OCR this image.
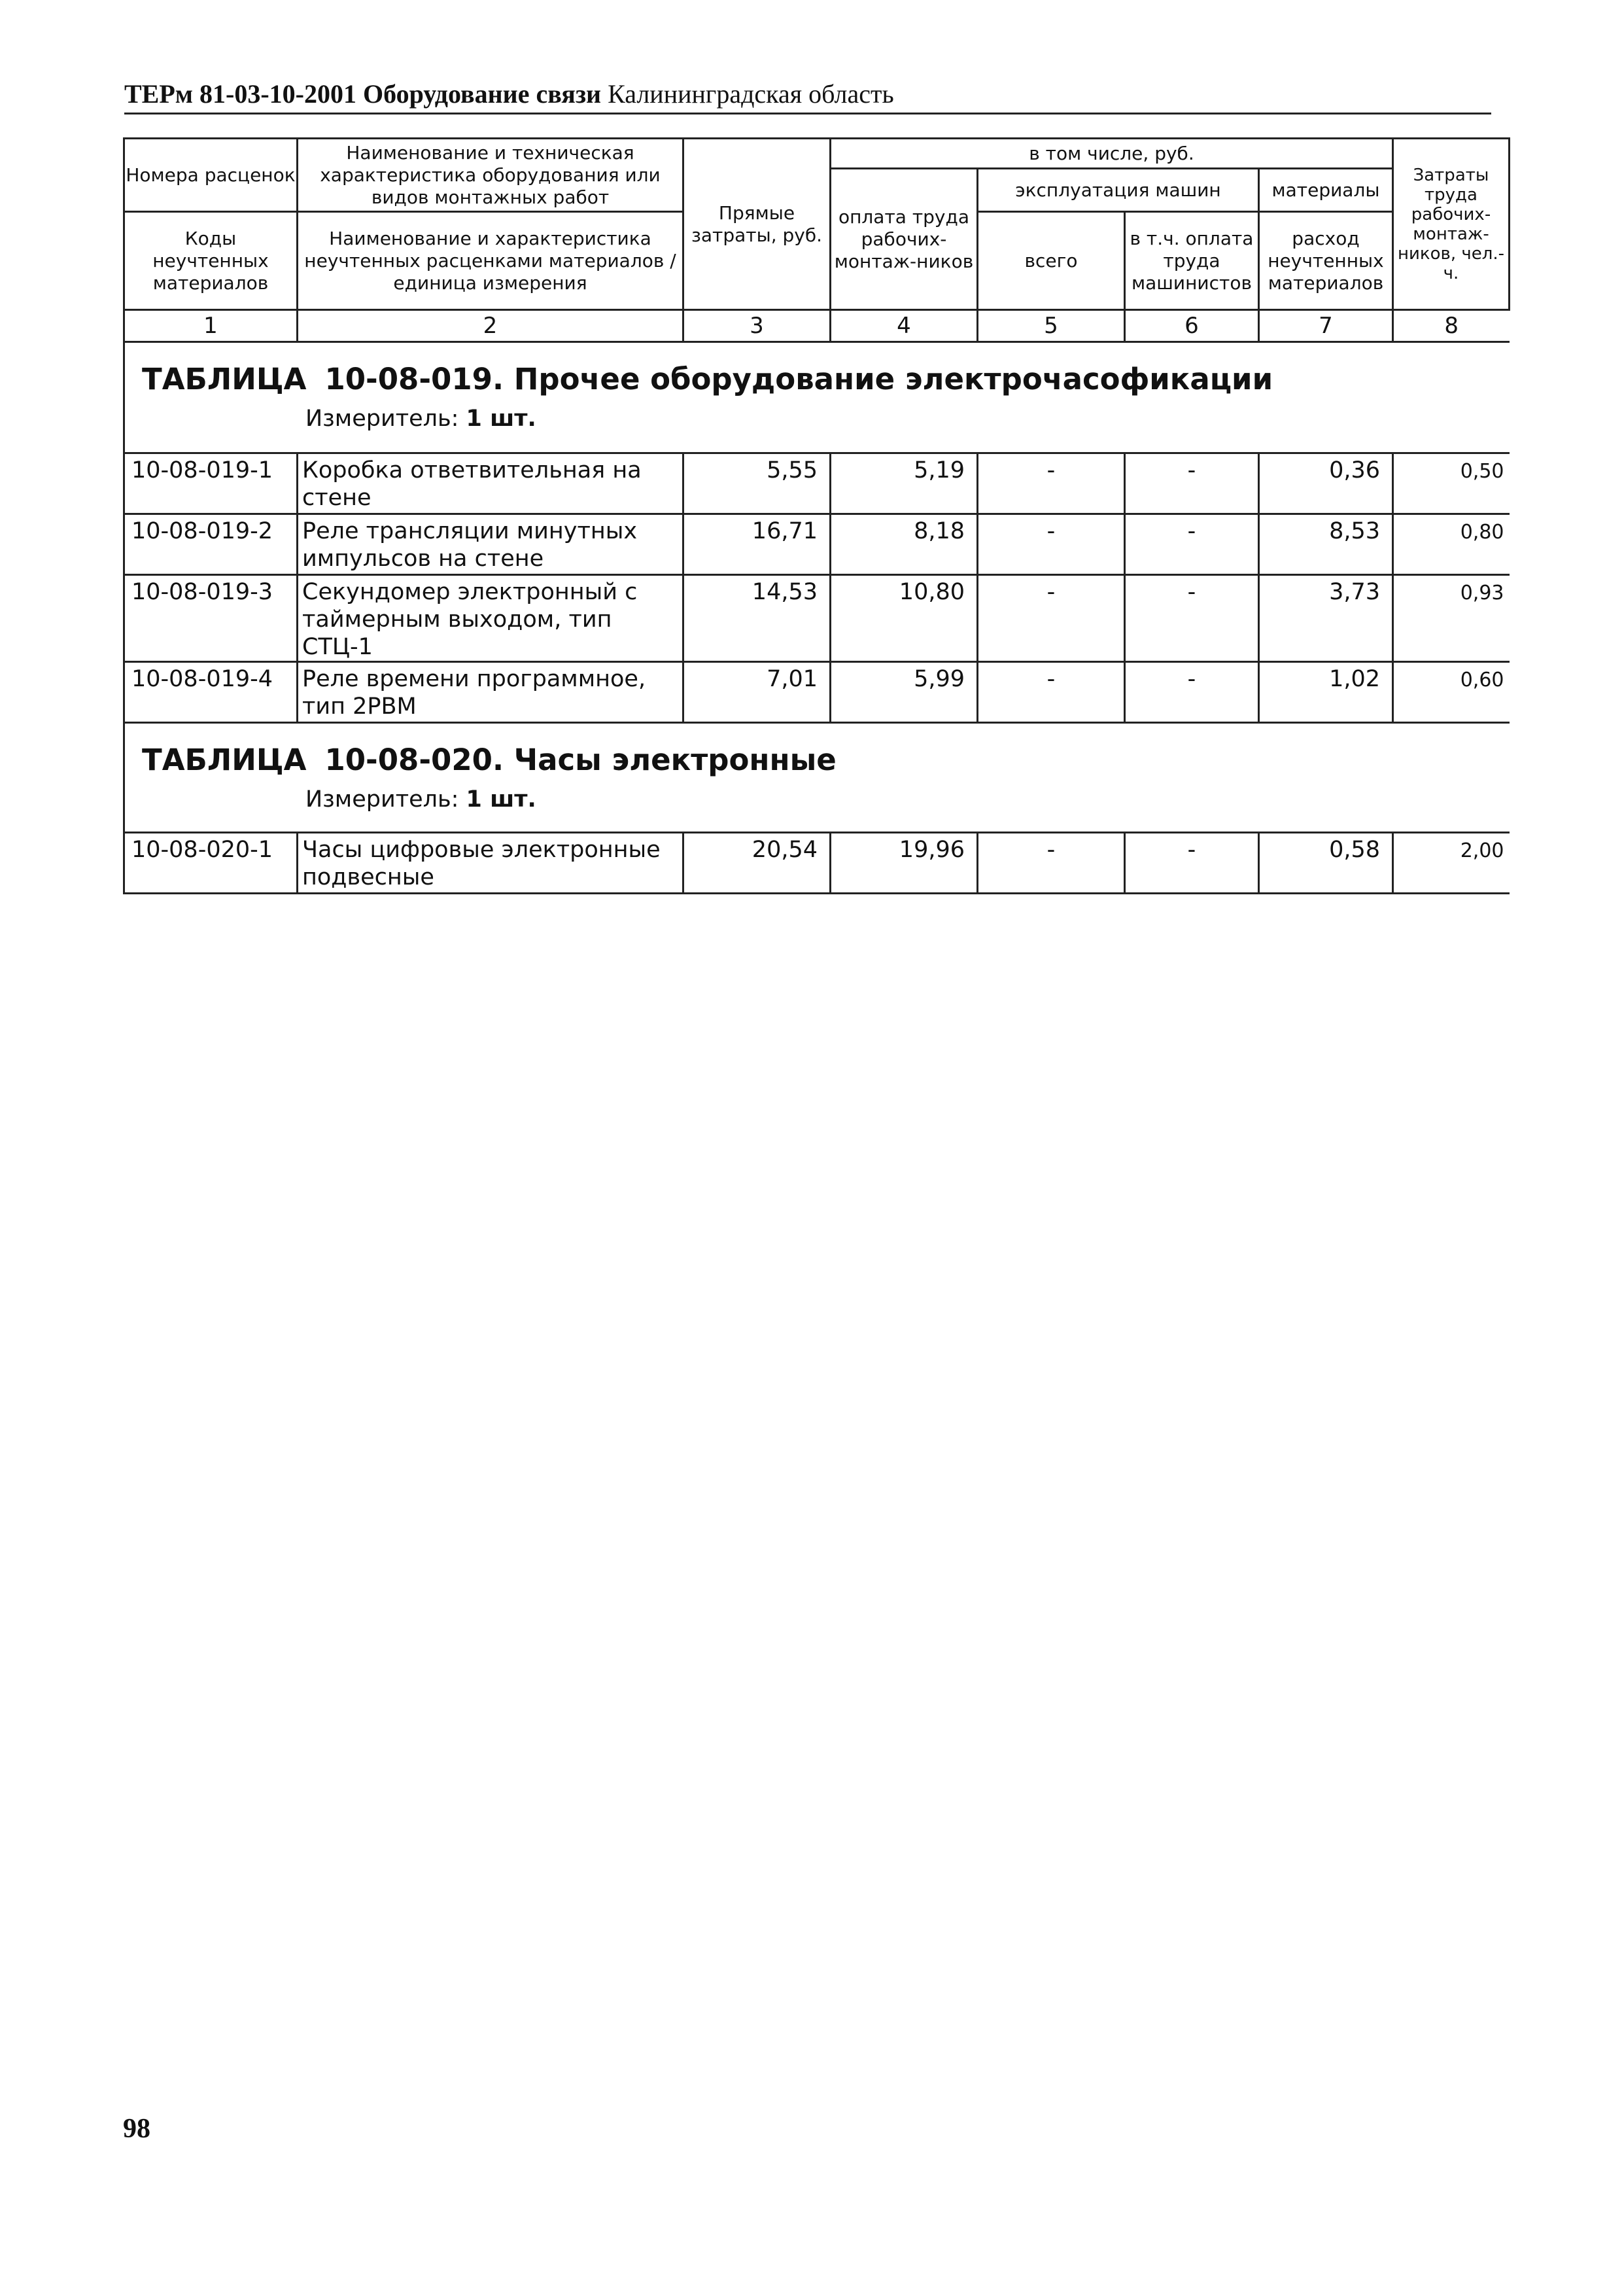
ТЕРм 81-03-10-2001 Оборудование связи Калининградская область
Номера расценок	Наименование и техническая характеристика оборудования или видов монтажных работ	Прямые затраты, руб.	в том числе, руб.				Затраты труда рабочих-монтаж-ников, чел.-ч.
			оплата труда рабочих-монтаж-ников	эксплуатация машин		материалы	
Коды неучтенных материалов	Наименование и характеристика неучтенных расценками материалов / единица измерения			всего	в т.ч. оплата труда машинистов	расход неучтенных материалов	

1	2	3	4	5	6	7	8

ТАБЛИЦА 10-08-019. Прочее оборудование электрочасофикации
Измеритель: 1 шт.							

10-08-019-1	Коробка ответвительная на стене	5,55	5,19	-	-	0,36	0,50
10-08-019-2	Реле трансляции минутных импульсов на стене	16,71	8,18	-	-	8,53	0,80
10-08-019-3	Секундомер электронный с таймерным выходом, тип СТЦ-1	14,53	10,80	-	-	3,73	0,93
10-08-019-4	Реле времени программное, тип 2РВМ	7,01	5,99	-	-	1,02	0,60

ТАБЛИЦА 10-08-020. Часы электронные
Измеритель: 1 шт.							

10-08-020-1	Часы цифровые электронные подвесные	20,54	19,96	-	-	0,58	2,00
98
